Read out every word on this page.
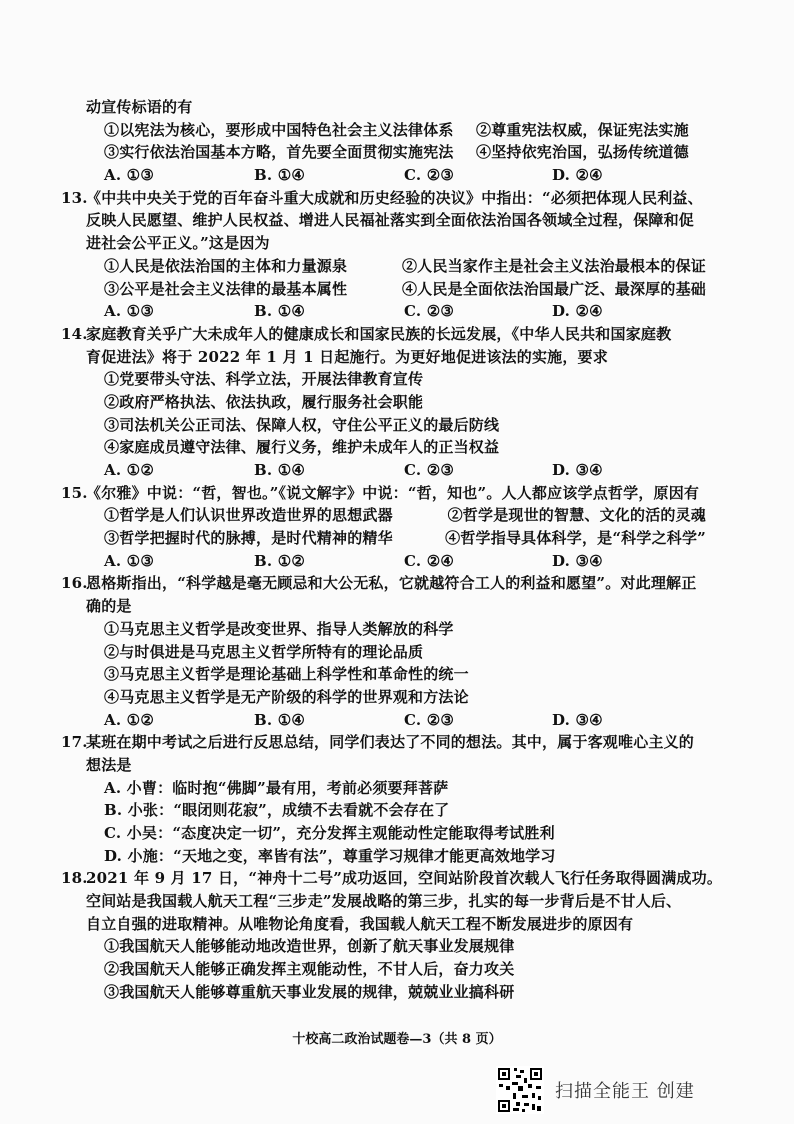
动宣传标语的有
①以宪法为核心，要形成中国特色社会主义法律体系	②尊重宪法权威，保证宪法实施
③实行依法治国基本方略，首先要全面贯彻实施宪法	④坚持依宪治国，弘扬传统道德
A. ①③	B. ①④	C. ②③	D. ②④
13.《中共中央关于党的百年奋斗重大成就和历史经验的决议》中指出：“必须把体现人民利益、
反映人民愿望、维护人民权益、增进人民福祉落实到全面依法治国各领域全过程，保障和促
进社会公平正义。”这是因为
①人民是依法治国的主体和力量源泉	②人民当家作主是社会主义法治最根本的保证
③公平是社会主义法律的最基本属性	④人民是全面依法治国最广泛、最深厚的基础
A. ①③	B. ①④	C. ②③	D. ②④
14.家庭教育关乎广大未成年人的健康成长和国家民族的长远发展，《中华人民共和国家庭教
育促进法》将于 2022 年 1 月 1 日起施行。为更好地促进该法的实施，要求
①党要带头守法、科学立法，开展法律教育宣传
②政府严格执法、依法执政，履行服务社会职能
③司法机关公正司法、保障人权，守住公平正义的最后防线
④家庭成员遵守法律、履行义务，维护未成年人的正当权益
A. ①②	B. ①④	C. ②③	D. ③④
15.《尔雅》中说：“哲，智也。”《说文解字》中说：“哲，知也”。人人都应该学点哲学，原因有
①哲学是人们认识世界改造世界的思想武器	②哲学是现世的智慧、文化的活的灵魂
③哲学把握时代的脉搏，是时代精神的精华	④哲学指导具体科学，是“科学之科学”
A. ①③	B. ①②	C. ②④	D. ③④
16.恩格斯指出，“科学越是毫无顾忌和大公无私，它就越符合工人的利益和愿望”。对此理解正
确的是
①马克思主义哲学是改变世界、指导人类解放的科学
②与时俱进是马克思主义哲学所特有的理论品质
③马克思主义哲学是理论基础上科学性和革命性的统一
④马克思主义哲学是无产阶级的科学的世界观和方法论
A. ①②	B. ①④	C. ②③	D. ③④
17.某班在期中考试之后进行反思总结，同学们表达了不同的想法。其中，属于客观唯心主义的
想法是
A. 小曹：临时抱“佛脚”最有用，考前必须要拜菩萨
B. 小张：“眼闭则花寂”，成绩不去看就不会存在了
C. 小吴：“态度决定一切”，充分发挥主观能动性定能取得考试胜利
D. 小施：“天地之变，率皆有法”，尊重学习规律才能更高效地学习
18.2021 年 9 月 17 日，“神舟十二号”成功返回，空间站阶段首次载人飞行任务取得圆满成功。
空间站是我国载人航天工程“三步走”发展战略的第三步，扎实的每一步背后是不甘人后、
自立自强的进取精神。从唯物论角度看，我国载人航天工程不断发展进步的原因有
①我国航天人能够能动地改造世界，创新了航天事业发展规律
②我国航天人能够正确发挥主观能动性，不甘人后，奋力攻关
③我国航天人能够尊重航天事业发展的规律，兢兢业业搞科研
十校高二政治试题卷—3（共 8 页）
扫描全能王 创建
